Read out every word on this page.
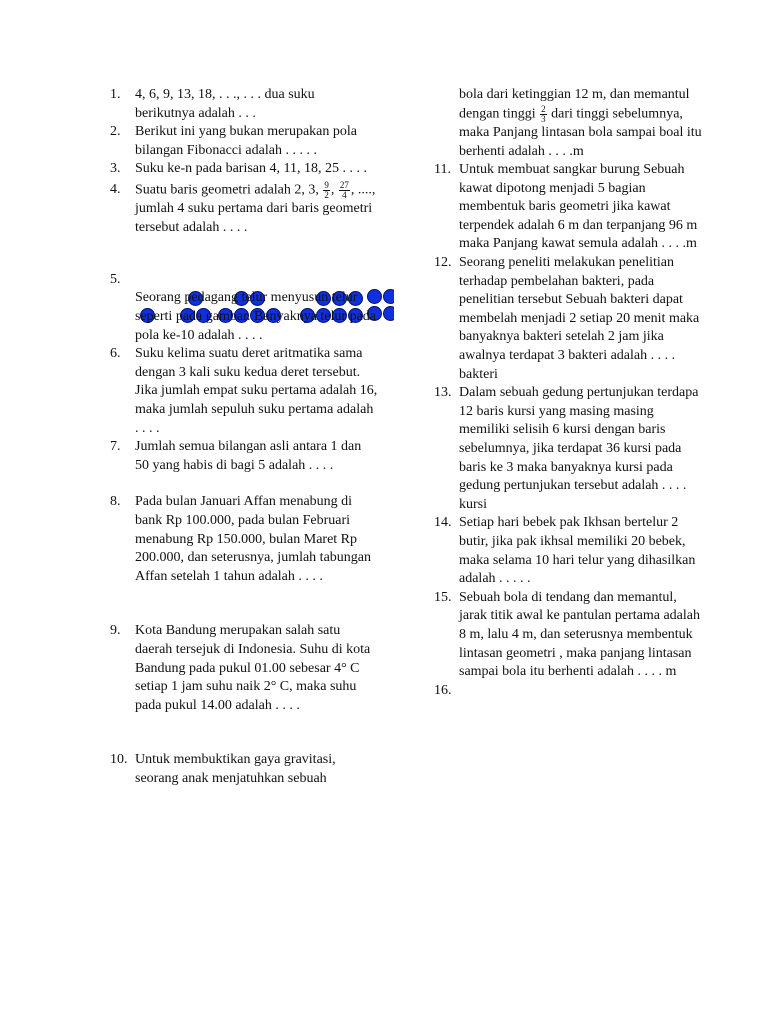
1. 4, 6, 9, 13, 18, . . ., . . . dua suku berikutnya adalah . . .
2. Berikut ini yang bukan merupakan pola bilangan Fibonacci adalah . . . . .
3. Suku ke-n pada barisan 4, 11, 18, 25 . . . .
4. Suatu baris geometri adalah 2, 3, $\frac{9}{2}$ , $\frac{27}{4}$ , ...., jumlah 4 suku pertama dari baris geometri tersebut adalah . . . .
5.
Seorang pedagang telur menyusun telur seperti pada gambar. Banyaknya telur pada pola ke-10 adalah . . . .
6. Suku kelima suatu deret aritmatika sama dengan 3 kali suku kedua deret tersebut. Jika jumlah empat suku pertama adalah 16, maka jumlah sepuluh suku pertama adalah . . . .
7. Jumlah semua bilangan asli antara 1 dan 50 yang habis di bagi 5 adalah . . . .
8. Pada bulan Januari Affan menabung di bank Rp 100.000, pada bulan Februari menabung Rp 150.000, bulan Maret Rp 200.000, dan seterusnya, jumlah tabungan Affan setelah 1 tahun adalah . . . .
9. Kota Bandung merupakan salah satu daerah tersejuk di Indonesia. Suhu di kota Bandung pada pukul 01.00 sebesar 4° C setiap 1 jam suhu naik 2° C, maka suhu pada pukul 14.00 adalah . . . .
10. Untuk membuktikan gaya gravitasi, seorang anak menjatuhkan sebuah
bola dari ketinggian 12 m, dan memantul dengan tinggi $\frac{2}{3}$ dari tinggi sebelumnya, maka Panjang lintasan bola sampai boal itu berhenti adalah . . . .m
11. Untuk membuat sangkar burung Sebuah kawat dipotong menjadi 5 bagian membentuk baris geometri jika kawat terpendek adalah 6 m dan terpanjang 96 m maka Panjang kawat semula adalah . . . .m
12. Seorang peneliti melakukan penelitian terhadap pembelahan bakteri, pada penelitian tersebut Sebuah bakteri dapat membelah menjadi 2 setiap 20 menit maka banyaknya bakteri setelah 2 jam jika awalnya terdapat 3 bakteri adalah . . . . bakteri
13. Dalam sebuah gedung pertunjukan terdapa 12 baris kursi yang masing masing memiliki selisih 6 kursi dengan baris sebelumnya, jika terdapat 36 kursi pada baris ke 3 maka banyaknya kursi pada gedung pertunjukan tersebut adalah . . . . kursi
14. Setiap hari bebek pak Ikhsan bertelur 2 butir, jika pak ikhsal memiliki 20 bebek, maka selama 10 hari telur yang dihasilkan adalah . . . . .
15. Sebuah bola di tendang dan memantul, jarak titik awal ke pantulan pertama adalah 8 m, lalu 4 m, dan seterusnya membentuk lintasan geometri , maka panjang lintasan sampai bola itu berhenti adalah . . . . m
16.
